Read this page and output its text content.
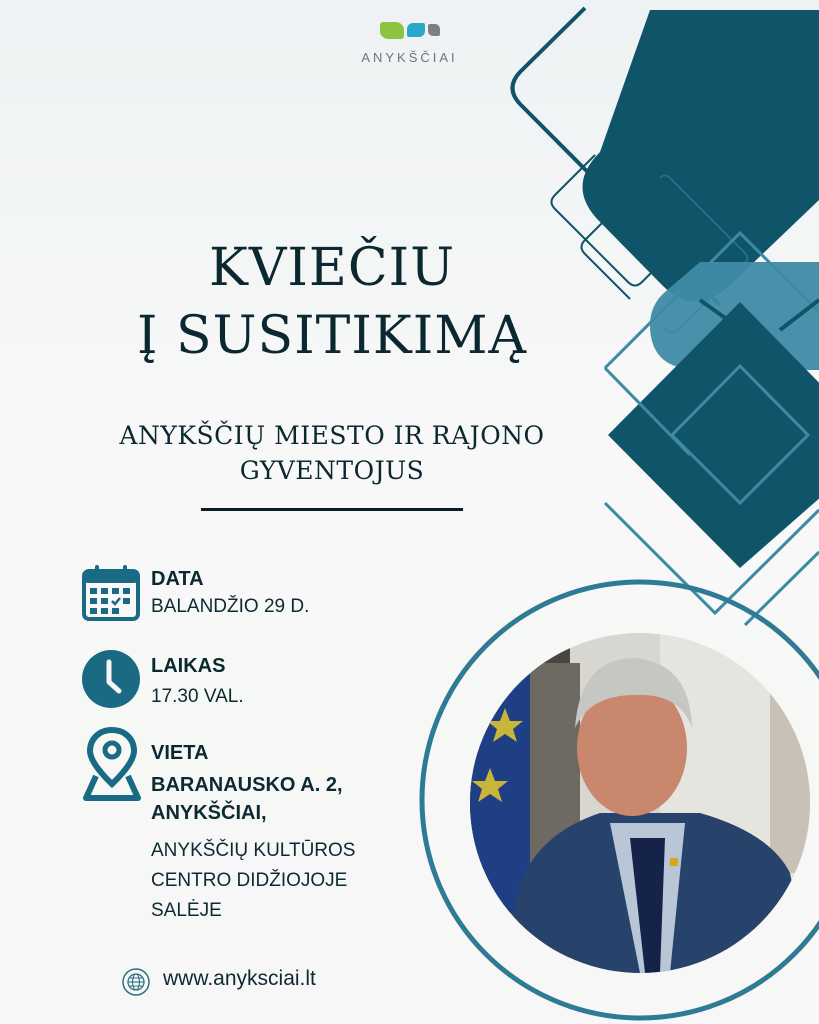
ANYKŠČIAI
KVIEČIU
Į SUSITIKIMĄ
ANYKŠČIŲ MIESTO IR RAJONO
GYVENTOJUS
DATA
BALANDŽIO 29 D.
LAIKAS
17.30 VAL.
VIETA
BARANAUSKO A. 2,
ANYKŠČIAI,
ANYKŠČIŲ KULTŪROS
CENTRO DIDŽIOJOJE
SALĖJE
www.anyksciai.lt
